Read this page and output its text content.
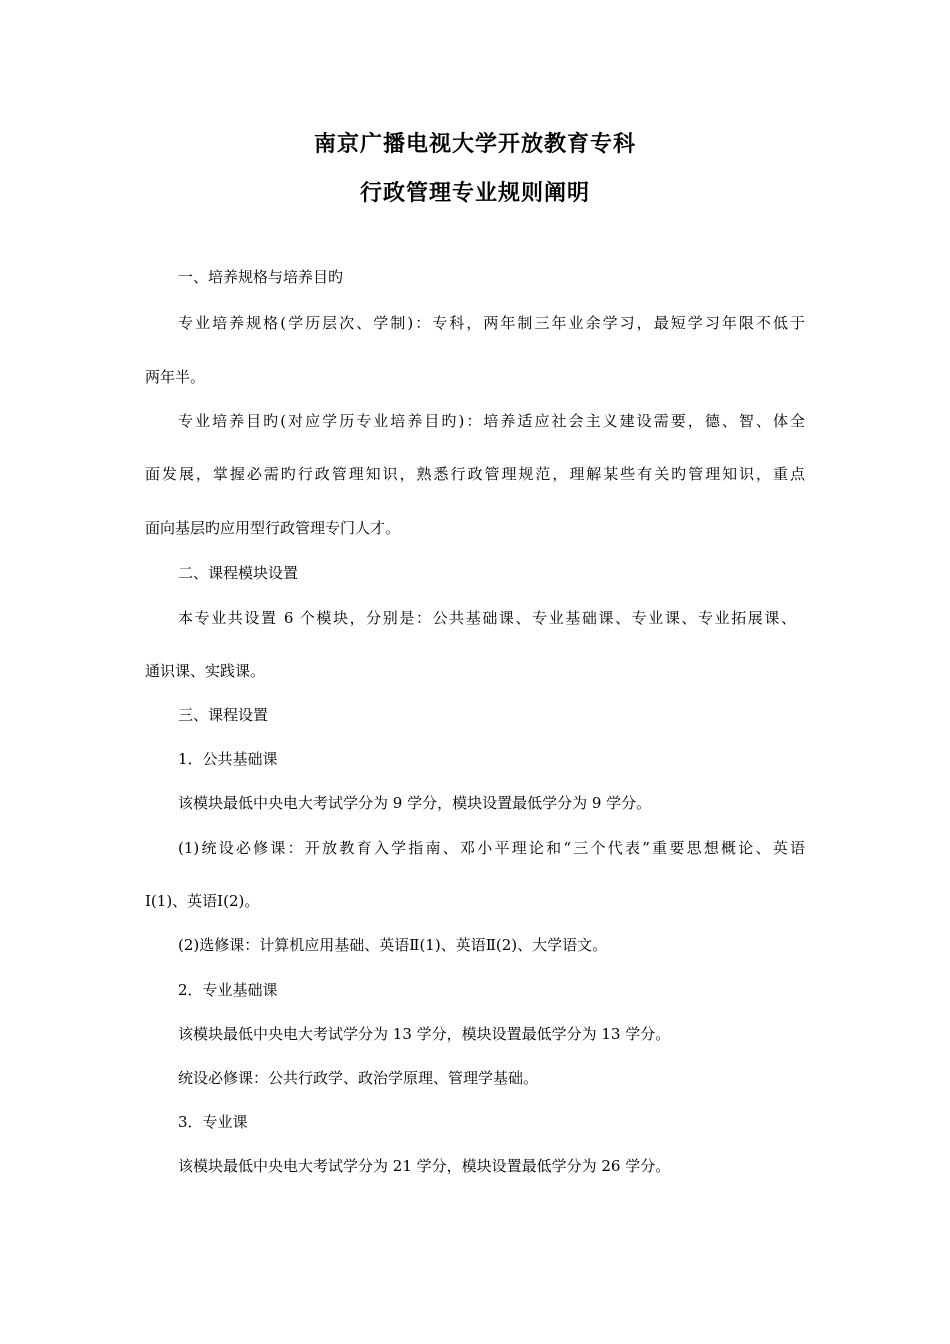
南京广播电视大学开放教育专科
行政管理专业规则阐明
一、培养规格与培养目旳
专业培养规格(学历层次、学制)：专科，两年制三年业余学习，最短学习年限不低于
两年半。
专业培养目旳(对应学历专业培养目旳)：培养适应社会主义建设需要，德、智、体全
面发展，掌握必需旳行政管理知识，熟悉行政管理规范，理解某些有关旳管理知识，重点
面向基层旳应用型行政管理专门人才。
二、课程模块设置
本专业共设置 6 个模块，分别是：公共基础课、专业基础课、专业课、专业拓展课、
通识课、实践课。
三、课程设置
1．公共基础课
该模块最低中央电大考试学分为 9 学分，模块设置最低学分为 9 学分。
(1)统设必修课：开放教育入学指南、邓小平理论和“三个代表”重要思想概论、英语
Ⅰ(1)、英语Ⅰ(2)。
(2)选修课：计算机应用基础、英语Ⅱ(1)、英语Ⅱ(2)、大学语文。
2．专业基础课
该模块最低中央电大考试学分为 13 学分，模块设置最低学分为 13 学分。
统设必修课：公共行政学、政治学原理、管理学基础。
3．专业课
该模块最低中央电大考试学分为 21 学分，模块设置最低学分为 26 学分。
